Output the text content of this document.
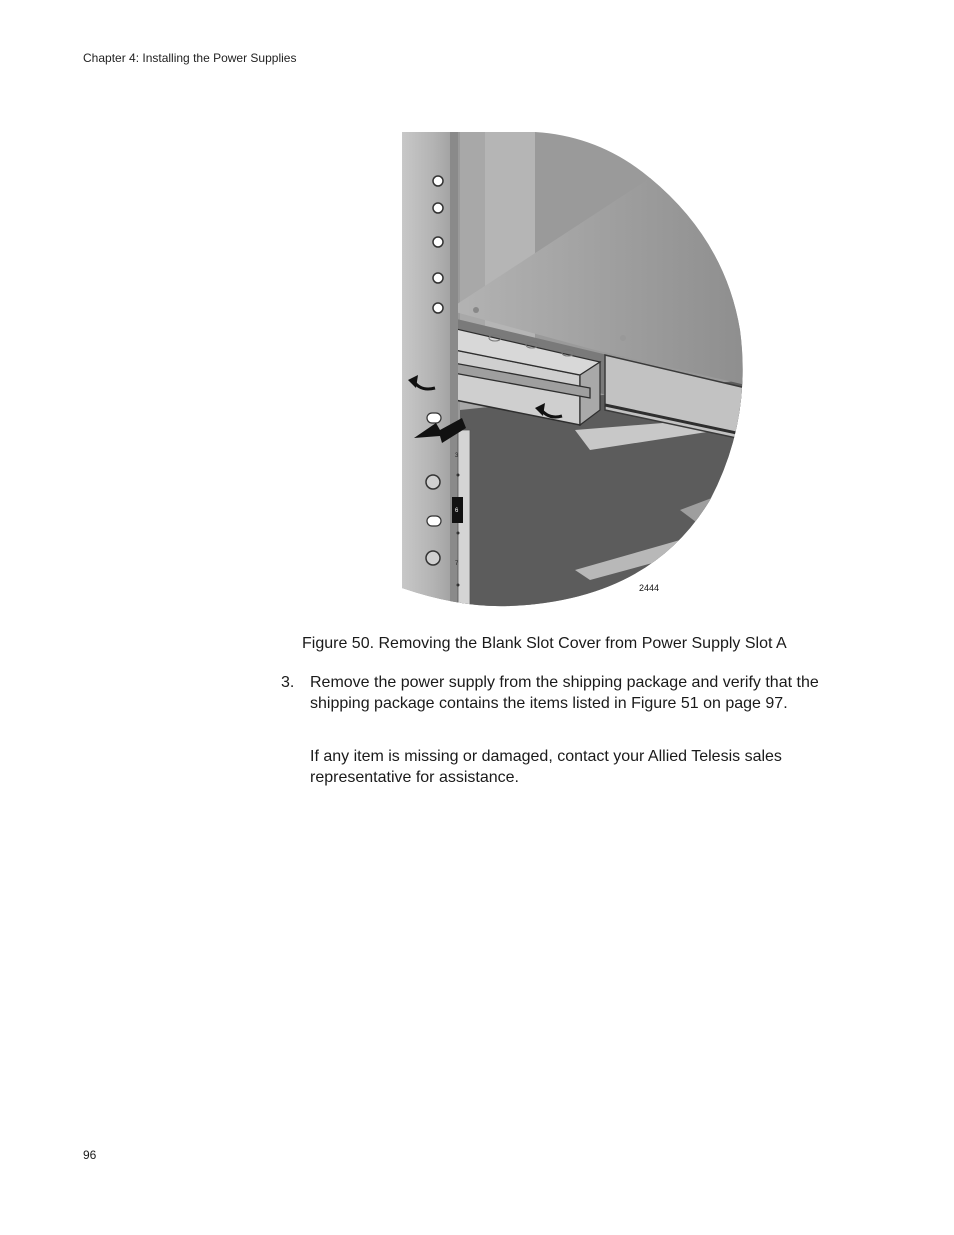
Chapter 4: Installing the Power Supplies
3
6
7
2444
Figure 50. Removing the Blank Slot Cover from Power Supply Slot A
3. Remove the power supply from the shipping package and verify that the shipping package contains the items listed in Figure 51 on page 97.
If any item is missing or damaged, contact your Allied Telesis sales representative for assistance.
96
